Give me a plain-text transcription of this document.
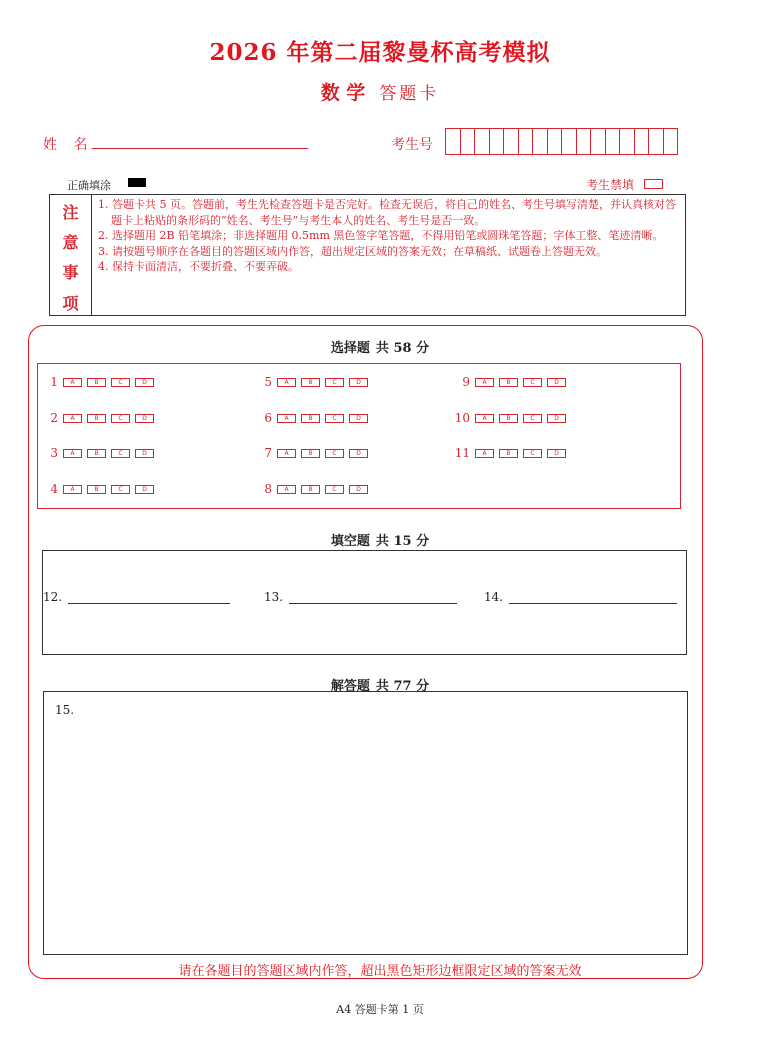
2026 年第二届黎曼杯高考模拟
数 学 答题卡
姓 名	考生号
正确填涂	考生禁填
注
意
事
项

1. 答题卡共 5 页。答题前，考生先检查答题卡是否完好。检查无误后，将自己的姓名、考生号填写清楚，并认真核对答题卡上粘贴的条形码的“姓名、考生号”与考生本人的姓名、考生号是否一致。

2. 选择题用 2B 铅笔填涂；非选择题用 0.5mm 黑色签字笔答题，不得用铅笔或圆珠笔答题；字体工整、笔迹清晰。

3. 请按题号顺序在各题目的答题区域内作答，超出规定区域的答案无效；在草稿纸、试题卷上答题无效。

4. 保持卡面清洁，不要折叠、不要弄破。

选择题 共 58 分
1	A	B	C	D
2	A	B	C	D
3	A	B	C	D
4	A	B	C	D
5	A	B	C	D
6	A	B	C	D
7	A	B	C	D
8	A	B	C	D
9	A	B	C	D
10	A	B	C	D
11	A	B	C	D
填空题 共 15 分
12.	13.	14.
解答题 共 77 分
15.
请在各题目的答题区域内作答，超出黑色矩形边框限定区域的答案无效
A4 答题卡第 1 页
